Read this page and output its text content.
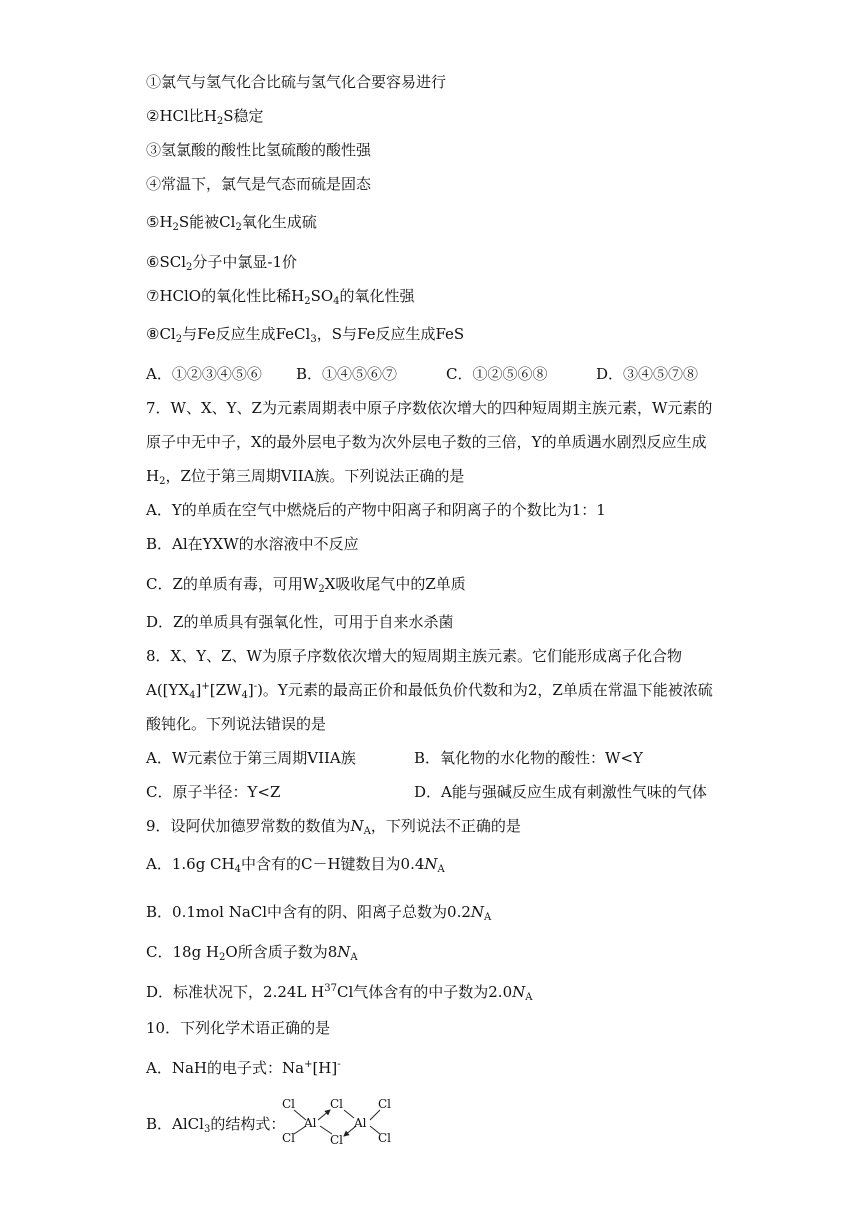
①氯气与氢气化合比硫与氢气化合要容易进行
②HCl比$H_2S$稳定
③氢氯酸的酸性比氢硫酸的酸性强
④常温下，氯气是气态而硫是固态
$⑤H_2S$能被$Cl_2$氧化生成硫
⑥SCl$_2$分子中氯显-1价
⑦HClO的氧化性比稀$H_2SO_4$的氧化性强
$⑧Cl_2$与Fe反应生成FeCl$_3$，S与Fe反应生成FeS
A．①②③④⑤⑥ B．①④⑤⑥⑦	C．①②⑤⑥⑧	D．③④⑤⑦⑧
7．W、X、Y、Z为元素周期表中原子序数依次增大的四种短周期主族元素，W元素的
原子中无中子，X的最外层电子数为次外层电子数的三倍，Y的单质遇水剧烈反应生成
$H_2$，Z位于第三周期VIIA族。下列说法正确的是
A．Y的单质在空气中燃烧后的产物中阳离子和阴离子的个数比为1：1
B．Al在YXW的水溶液中不反应
C．Z的单质有毒，可用$W_2X$吸收尾气中的Z单质
D．Z的单质具有强氧化性，可用于自来水杀菌
8．X、Y、Z、W为原子序数依次增大的短周期主族元素。它们能形成离子化合物
$A([YX_4]^+[ZW_4]^-)$。Y元素的最高正价和最低负价代数和为2，Z单质在常温下能被浓硫
酸钝化。下列说法错误的是
A．W元素位于第三周期VIIA族	B．氧化物的水化物的酸性：W<Y
C．原子半径：Y<Z	D．A能与强碱反应生成有刺激性气味的气体
9．设阿伏加德罗常数的数值为$N_A$，下列说法不正确的是
A．1.6g $CH_4$中含有的C－H键数目为$0.4N_A$
B．0.1mol NaCl中含有的阴、阳离子总数为$0.2N_A$
C．18g $H_2O$所含质子数为$8N_A$
D．标准状况下，2.24L $H^{37}Cl$气体含有的中子数为$2.0N_A$
10．下列化学术语正确的是
A．NaH的电子式：Na+[H]-
B．AlCl$_3$的结构式：
Cl
Cl
Al
Cl
Cl
Al
Cl
Cl
